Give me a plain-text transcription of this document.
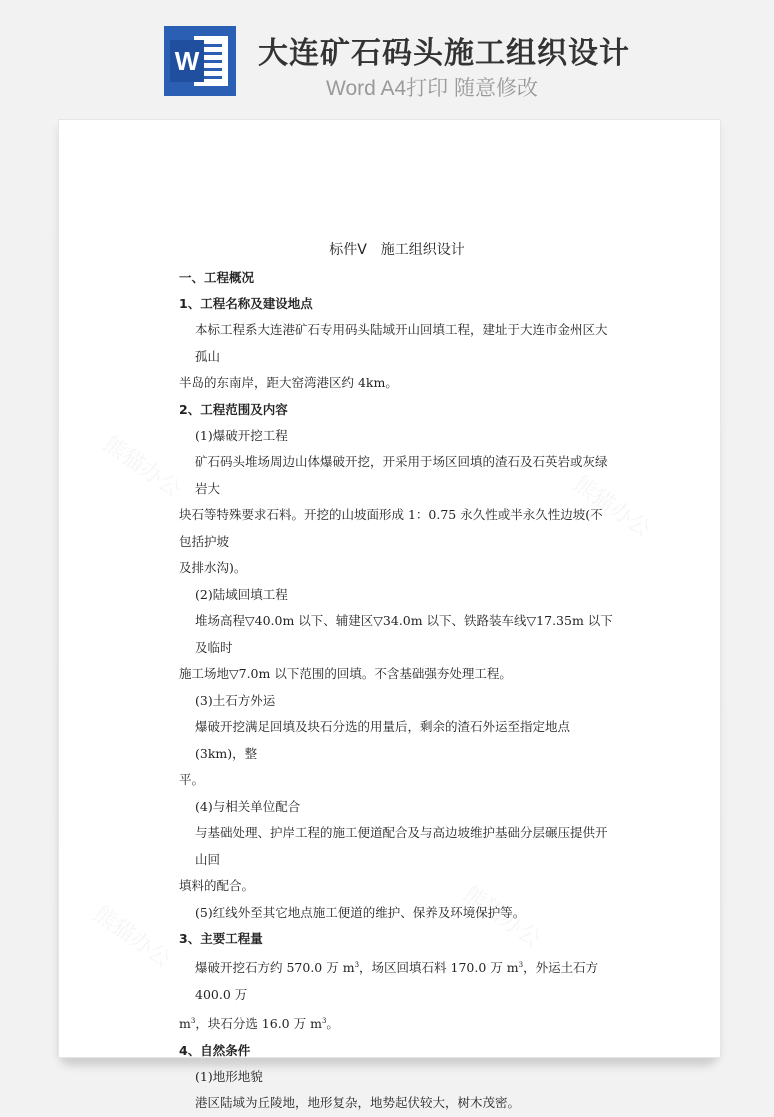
W 大连矿石码头施工组织设计
Word A4打印 随意修改
熊猫办公
熊猫办公
熊猫办公	熊猫办公
标件Ⅴ　施工组织设计
一、工程概况
1、工程名称及建设地点
本标工程系大连港矿石专用码头陆域开山回填工程，建址于大连市金州区大孤山
半岛的东南岸，距大窑湾港区约 4km。
2、工程范围及内容
(1)爆破开挖工程
矿石码头堆场周边山体爆破开挖，开采用于场区回填的渣石及石英岩或灰绿岩大
块石等特殊要求石料。开挖的山坡面形成 1：0.75 永久性或半永久性边坡(不包括护坡
及排水沟)。
(2)陆域回填工程
堆场高程▽40.0m 以下、辅建区▽34.0m 以下、铁路装车线▽17.35m 以下及临时
施工场地▽7.0m 以下范围的回填。不含基础强夯处理工程。
(3)土石方外运
爆破开挖满足回填及块石分选的用量后，剩余的渣石外运至指定地点 (3km)，整
平。
(4)与相关单位配合
与基础处理、护岸工程的施工便道配合及与高边坡维护基础分层碾压提供开山回
填料的配合。
(5)红线外至其它地点施工便道的维护、保养及环境保护等。
3、主要工程量
爆破开挖石方约 570.0 万 $m^3$，场区回填石料 170.0 万 $m^3$，外运土石方 400.0 万
$m^3$，块石分选 16.0 万 $m^3$。
4、自然条件
(1)地形地貌
港区陆域为丘陵地，地形复杂，地势起伏较大，树木茂密。
